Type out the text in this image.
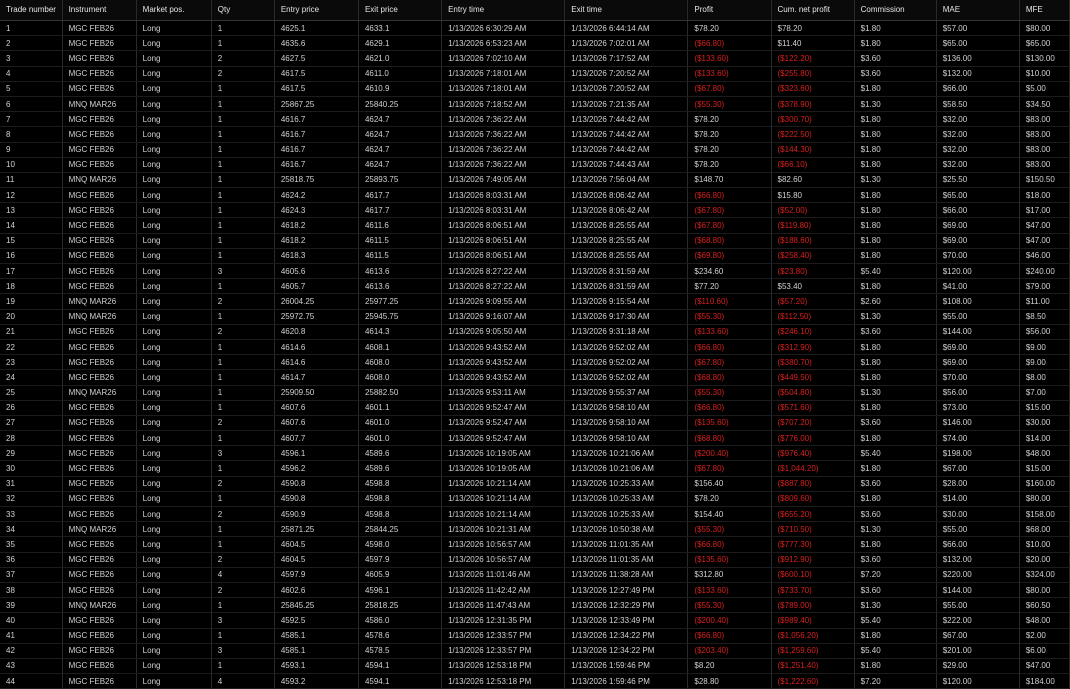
Trade number	Instrument	Market pos.	Qty	Entry price	Exit price	Entry time	Exit time	Profit	Cum. net profit	Commission	MAE	MFE
1	MGC FEB26	Long	1	4625.1	4633.1	1/13/2026 6:30:29 AM	1/13/2026 6:44:14 AM	$78.20	$78.20	$1.80	$57.00	$80.00
2	MGC FEB26	Long	1	4635.6	4629.1	1/13/2026 6:53:23 AM	1/13/2026 7:02:01 AM	($66.80)	$11.40	$1.80	$65.00	$65.00
3	MGC FEB26	Long	2	4627.5	4621.0	1/13/2026 7:02:10 AM	1/13/2026 7:17:52 AM	($133.60)	($122.20)	$3.60	$136.00	$130.00
4	MGC FEB26	Long	2	4617.5	4611.0	1/13/2026 7:18:01 AM	1/13/2026 7:20:52 AM	($133.60)	($255.80)	$3.60	$132.00	$10.00
5	MGC FEB26	Long	1	4617.5	4610.9	1/13/2026 7:18:01 AM	1/13/2026 7:20:52 AM	($67.80)	($323.60)	$1.80	$66.00	$5.00
6	MNQ MAR26	Long	1	25867.25	25840.25	1/13/2026 7:18:52 AM	1/13/2026 7:21:35 AM	($55.30)	($378.90)	$1.30	$58.50	$34.50
7	MGC FEB26	Long	1	4616.7	4624.7	1/13/2026 7:36:22 AM	1/13/2026 7:44:42 AM	$78.20	($300.70)	$1.80	$32.00	$83.00
8	MGC FEB26	Long	1	4616.7	4624.7	1/13/2026 7:36:22 AM	1/13/2026 7:44:42 AM	$78.20	($222.50)	$1.80	$32.00	$83.00
9	MGC FEB26	Long	1	4616.7	4624.7	1/13/2026 7:36:22 AM	1/13/2026 7:44:42 AM	$78.20	($144.30)	$1.80	$32.00	$83.00
10	MGC FEB26	Long	1	4616.7	4624.7	1/13/2026 7:36:22 AM	1/13/2026 7:44:43 AM	$78.20	($66.10)	$1.80	$32.00	$83.00
11	MNQ MAR26	Long	1	25818.75	25893.75	1/13/2026 7:49:05 AM	1/13/2026 7:56:04 AM	$148.70	$82.60	$1.30	$25.50	$150.50
12	MGC FEB26	Long	1	4624.2	4617.7	1/13/2026 8:03:31 AM	1/13/2026 8:06:42 AM	($66.80)	$15.80	$1.80	$65.00	$18.00
13	MGC FEB26	Long	1	4624.3	4617.7	1/13/2026 8:03:31 AM	1/13/2026 8:06:42 AM	($67.80)	($52.00)	$1.80	$66.00	$17.00
14	MGC FEB26	Long	1	4618.2	4611.6	1/13/2026 8:06:51 AM	1/13/2026 8:25:55 AM	($67.80)	($119.80)	$1.80	$69.00	$47.00
15	MGC FEB26	Long	1	4618.2	4611.5	1/13/2026 8:06:51 AM	1/13/2026 8:25:55 AM	($68.80)	($188.60)	$1.80	$69.00	$47.00
16	MGC FEB26	Long	1	4618.3	4611.5	1/13/2026 8:06:51 AM	1/13/2026 8:25:55 AM	($69.80)	($258.40)	$1.80	$70.00	$46.00
17	MGC FEB26	Long	3	4605.6	4613.6	1/13/2026 8:27:22 AM	1/13/2026 8:31:59 AM	$234.60	($23.80)	$5.40	$120.00	$240.00
18	MGC FEB26	Long	1	4605.7	4613.6	1/13/2026 8:27:22 AM	1/13/2026 8:31:59 AM	$77.20	$53.40	$1.80	$41.00	$79.00
19	MNQ MAR26	Long	2	26004.25	25977.25	1/13/2026 9:09:55 AM	1/13/2026 9:15:54 AM	($110.60)	($57.20)	$2.60	$108.00	$11.00
20	MNQ MAR26	Long	1	25972.75	25945.75	1/13/2026 9:16:07 AM	1/13/2026 9:17:30 AM	($55.30)	($112.50)	$1.30	$55.00	$8.50
21	MGC FEB26	Long	2	4620.8	4614.3	1/13/2026 9:05:50 AM	1/13/2026 9:31:18 AM	($133.60)	($246.10)	$3.60	$144.00	$56.00
22	MGC FEB26	Long	1	4614.6	4608.1	1/13/2026 9:43:52 AM	1/13/2026 9:52:02 AM	($66.80)	($312.90)	$1.80	$69.00	$9.00
23	MGC FEB26	Long	1	4614.6	4608.0	1/13/2026 9:43:52 AM	1/13/2026 9:52:02 AM	($67.80)	($380.70)	$1.80	$69.00	$9.00
24	MGC FEB26	Long	1	4614.7	4608.0	1/13/2026 9:43:52 AM	1/13/2026 9:52:02 AM	($68.80)	($449.50)	$1.80	$70.00	$8.00
25	MNQ MAR26	Long	1	25909.50	25882.50	1/13/2026 9:53:11 AM	1/13/2026 9:55:37 AM	($55.30)	($504.80)	$1.30	$56.00	$7.00
26	MGC FEB26	Long	1	4607.6	4601.1	1/13/2026 9:52:47 AM	1/13/2026 9:58:10 AM	($66.80)	($571.60)	$1.80	$73.00	$15.00
27	MGC FEB26	Long	2	4607.6	4601.0	1/13/2026 9:52:47 AM	1/13/2026 9:58:10 AM	($135.60)	($707.20)	$3.60	$146.00	$30.00
28	MGC FEB26	Long	1	4607.7	4601.0	1/13/2026 9:52:47 AM	1/13/2026 9:58:10 AM	($68.80)	($776.00)	$1.80	$74.00	$14.00
29	MGC FEB26	Long	3	4596.1	4589.6	1/13/2026 10:19:05 AM	1/13/2026 10:21:06 AM	($200.40)	($976.40)	$5.40	$198.00	$48.00
30	MGC FEB26	Long	1	4596.2	4589.6	1/13/2026 10:19:05 AM	1/13/2026 10:21:06 AM	($67.80)	($1,044.20)	$1.80	$67.00	$15.00
31	MGC FEB26	Long	2	4590.8	4598.8	1/13/2026 10:21:14 AM	1/13/2026 10:25:33 AM	$156.40	($887.80)	$3.60	$28.00	$160.00
32	MGC FEB26	Long	1	4590.8	4598.8	1/13/2026 10:21:14 AM	1/13/2026 10:25:33 AM	$78.20	($809.60)	$1.80	$14.00	$80.00
33	MGC FEB26	Long	2	4590.9	4598.8	1/13/2026 10:21:14 AM	1/13/2026 10:25:33 AM	$154.40	($655.20)	$3.60	$30.00	$158.00
34	MNQ MAR26	Long	1	25871.25	25844.25	1/13/2026 10:21:31 AM	1/13/2026 10:50:38 AM	($55.30)	($710.50)	$1.30	$55.00	$68.00
35	MGC FEB26	Long	1	4604.5	4598.0	1/13/2026 10:56:57 AM	1/13/2026 11:01:35 AM	($66.80)	($777.30)	$1.80	$66.00	$10.00
36	MGC FEB26	Long	2	4604.5	4597.9	1/13/2026 10:56:57 AM	1/13/2026 11:01:35 AM	($135.60)	($912.90)	$3.60	$132.00	$20.00
37	MGC FEB26	Long	4	4597.9	4605.9	1/13/2026 11:01:46 AM	1/13/2026 11:38:28 AM	$312.80	($600.10)	$7.20	$220.00	$324.00
38	MGC FEB26	Long	2	4602.6	4596.1	1/13/2026 11:42:42 AM	1/13/2026 12:27:49 PM	($133.60)	($733.70)	$3.60	$144.00	$80.00
39	MNQ MAR26	Long	1	25845.25	25818.25	1/13/2026 11:47:43 AM	1/13/2026 12:32:29 PM	($55.30)	($789.00)	$1.30	$55.00	$60.50
40	MGC FEB26	Long	3	4592.5	4586.0	1/13/2026 12:31:35 PM	1/13/2026 12:33:49 PM	($200.40)	($989.40)	$5.40	$222.00	$48.00
41	MGC FEB26	Long	1	4585.1	4578.6	1/13/2026 12:33:57 PM	1/13/2026 12:34:22 PM	($66.80)	($1,056.20)	$1.80	$67.00	$2.00
42	MGC FEB26	Long	3	4585.1	4578.5	1/13/2026 12:33:57 PM	1/13/2026 12:34:22 PM	($203.40)	($1,259.60)	$5.40	$201.00	$6.00
43	MGC FEB26	Long	1	4593.1	4594.1	1/13/2026 12:53:18 PM	1/13/2026 1:59:46 PM	$8.20	($1,251.40)	$1.80	$29.00	$47.00
44	MGC FEB26	Long	4	4593.2	4594.1	1/13/2026 12:53:18 PM	1/13/2026 1:59:46 PM	$28.80	($1,222.60)	$7.20	$120.00	$184.00
